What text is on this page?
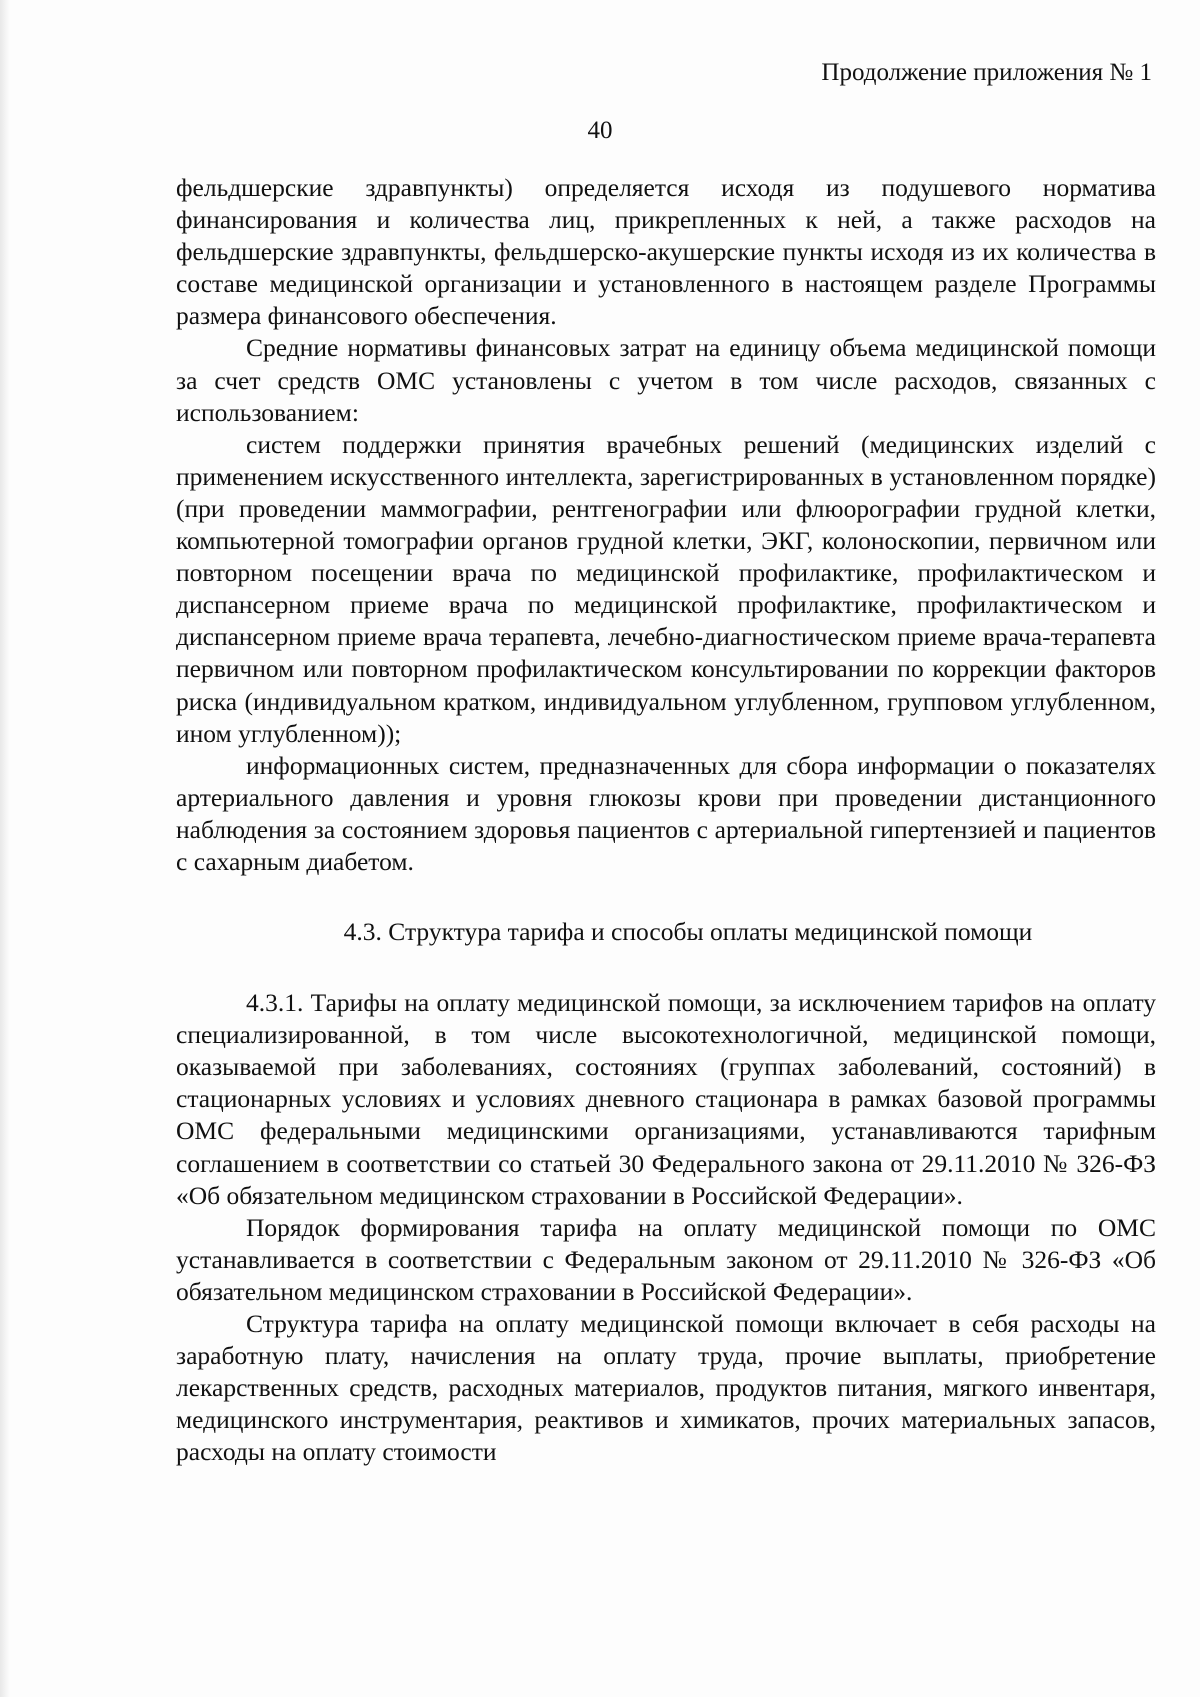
Продолжение приложения № 1
40

фельдшерские здравпункты) определяется исходя из подушевого норматива финансирования и количества лиц, прикрепленных к ней, а также расходов на фельдшерские здравпункты, фельдшерско-акушерские пункты исходя из их количества в составе медицинской организации и установленного в настоящем разделе Программы размера финансового обеспечения.

Средние нормативы финансовых затрат на единицу объема медицинской помощи за счет средств ОМС установлены с учетом в том числе расходов, связанных с использованием:

систем поддержки принятия врачебных решений (медицинских изделий с применением искусственного интеллекта, зарегистрированных в установленном порядке) (при проведении маммографии, рентгенографии или флюорографии грудной клетки, компьютерной томографии органов грудной клетки, ЭКГ, колоноскопии, первичном или повторном посещении врача по медицинской профилактике, профилактическом и диспансерном приеме врача по медицинской профилактике, профилактическом и диспансерном приеме врача терапевта, лечебно-диагностическом приеме врача-терапевта первичном или повторном профилактическом консультировании по коррекции факторов риска (индивидуальном кратком, индивидуальном углубленном, групповом углубленном, ином углубленном));

информационных систем, предназначенных для сбора информации о показателях артериального давления и уровня глюкозы крови при проведении дистанционного наблюдения за состоянием здоровья пациентов с артериальной гипертензией и пациентов с сахарным диабетом.

4.3. Структура тарифа и способы оплаты медицинской помощи

4.3.1. Тарифы на оплату медицинской помощи, за исключением тарифов на оплату специализированной, в том числе высокотехнологичной, медицинской помощи, оказываемой при заболеваниях, состояниях (группах заболеваний, состояний) в стационарных условиях и условиях дневного стационара в рамках базовой программы ОМС федеральными медицинскими организациями, устанавливаются тарифным соглашением в соответствии со статьей 30 Федерального закона от 29.11.2010 № 326-ФЗ «Об обязательном медицинском страховании в Российской Федерации».

Порядок формирования тарифа на оплату медицинской помощи по ОМС устанавливается в соответствии с Федеральным законом от 29.11.2010 № 326-ФЗ «Об обязательном медицинском страховании в Российской Федерации».

Структура тарифа на оплату медицинской помощи включает в себя расходы на заработную плату, начисления на оплату труда, прочие выплаты, приобретение лекарственных средств, расходных материалов, продуктов питания, мягкого инвентаря, медицинского инструментария, реактивов и химикатов, прочих материальных запасов, расходы на оплату стоимости
